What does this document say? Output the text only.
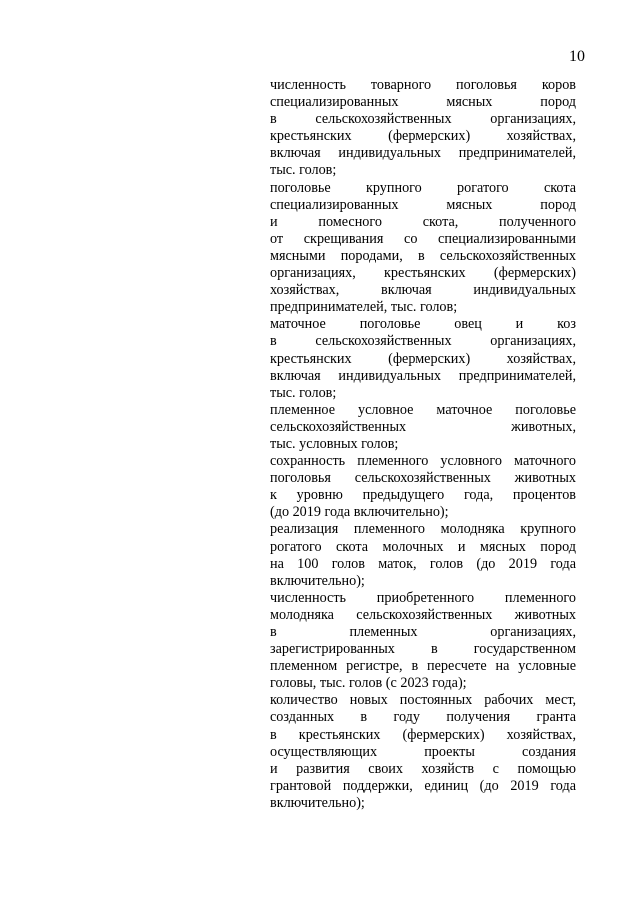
10

численность товарного поголовья коров
специализированных мясных пород
в сельскохозяйственных организациях,
крестьянских (фермерских) хозяйствах,
включая индивидуальных предпринимателей,
тыс. голов;

поголовье крупного рогатого скота
специализированных мясных пород
и помесного скота, полученного
от скрещивания со специализированными
мясными породами, в сельскохозяйственных
организациях, крестьянских (фермерских)
хозяйствах, включая индивидуальных
предпринимателей, тыс. голов;

маточное поголовье овец и коз
в сельскохозяйственных организациях,
крестьянских (фермерских) хозяйствах,
включая индивидуальных предпринимателей,
тыс. голов;

племенное условное маточное поголовье
сельскохозяйственных животных,
тыс. условных голов;

сохранность племенного условного маточного
поголовья сельскохозяйственных животных
к уровню предыдущего года, процентов
(до 2019 года включительно);

реализация племенного молодняка крупного
рогатого скота молочных и мясных пород
на 100 голов маток, голов (до 2019 года
включительно);

численность приобретенного племенного
молодняка сельскохозяйственных животных
в племенных организациях,
зарегистрированных в государственном
племенном регистре, в пересчете на условные
головы, тыс. голов (с 2023 года);

количество новых постоянных рабочих мест,
созданных в году получения гранта
в крестьянских (фермерских) хозяйствах,
осуществляющих проекты создания
и развития своих хозяйств с помощью
грантовой поддержки, единиц (до 2019 года
включительно);
